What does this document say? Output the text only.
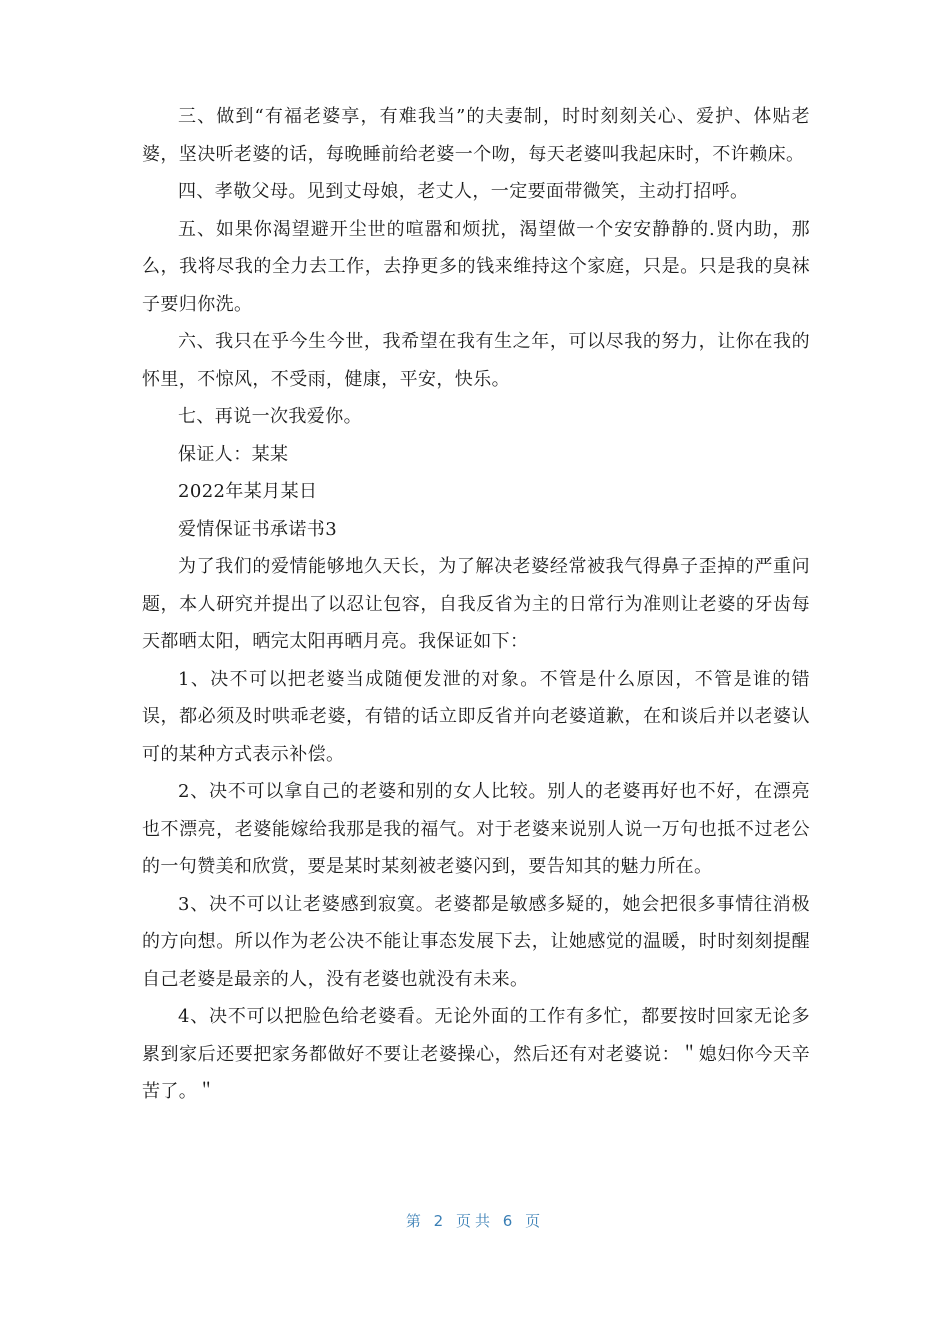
三、做到“有福老婆享，有难我当”的夫妻制，时时刻刻关心、爱护、体贴老婆，坚决听老婆的话，每晚睡前给老婆一个吻，每天老婆叫我起床时，不许赖床。

四、孝敬父母。见到丈母娘，老丈人，一定要面带微笑，主动打招呼。

五、如果你渴望避开尘世的喧嚣和烦扰，渴望做一个安安静静的.贤内助，那么，我将尽我的全力去工作，去挣更多的钱来维持这个家庭，只是。只是我的臭袜子要归你洗。

六、我只在乎今生今世，我希望在我有生之年，可以尽我的努力，让你在我的怀里，不惊风，不受雨，健康，平安，快乐。

七、再说一次我爱你。

保证人：某某

2022年某月某日

爱情保证书承诺书3

为了我们的爱情能够地久天长，为了解决老婆经常被我气得鼻子歪掉的严重问题，本人研究并提出了以忍让包容，自我反省为主的日常行为准则让老婆的牙齿每天都晒太阳，晒完太阳再晒月亮。我保证如下：

1、决不可以把老婆当成随便发泄的对象。不管是什么原因，不管是谁的错误，都必须及时哄乖老婆，有错的话立即反省并向老婆道歉，在和谈后并以老婆认可的某种方式表示补偿。

2、决不可以拿自己的老婆和别的女人比较。别人的老婆再好也不好，在漂亮也不漂亮，老婆能嫁给我那是我的福气。对于老婆来说别人说一万句也抵不过老公的一句赞美和欣赏，要是某时某刻被老婆闪到，要告知其的魅力所在。

3、决不可以让老婆感到寂寞。老婆都是敏感多疑的，她会把很多事情往消极的方向想。所以作为老公决不能让事态发展下去，让她感觉的温暖，时时刻刻提醒自己老婆是最亲的人，没有老婆也就没有未来。

4、决不可以把脸色给老婆看。无论外面的工作有多忙，都要按时回家无论多累到家后还要把家务都做好不要让老婆操心，然后还有对老婆说：＂媳妇你今天辛苦了。＂

第 2 页共 6 页
